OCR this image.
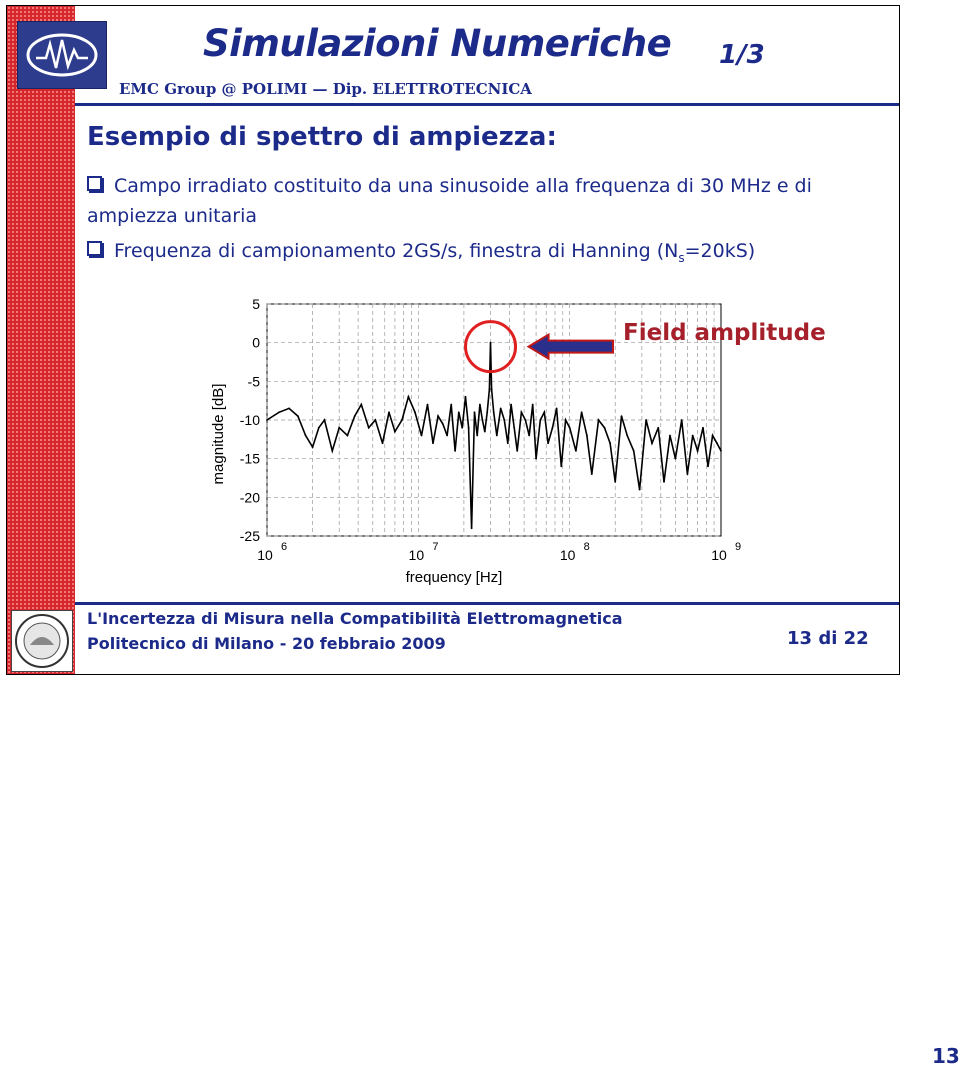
Simulazioni Numeriche 1/3
EMC Group @ POLIMI — Dip. ELETTROTECNICA
Esempio di spettro di ampiezza:
Campo irradiato costituito da una sinusoide alla frequenza di 30 MHz e di
ampiezza unitaria
Frequenza di campionamento 2GS/s, finestra di Hanning $(N_s=20kS)$
5
0
-5
-10
-15
-20
-25
10 6	10 7	10 8	10 9
frequency [Hz]
magnitude [dB]
Field amplitude
L'Incertezza di Misura nella Compatibilità Elettromagnetica
Politecnico di Milano - 20 febbraio 2009	13 di 22
13
